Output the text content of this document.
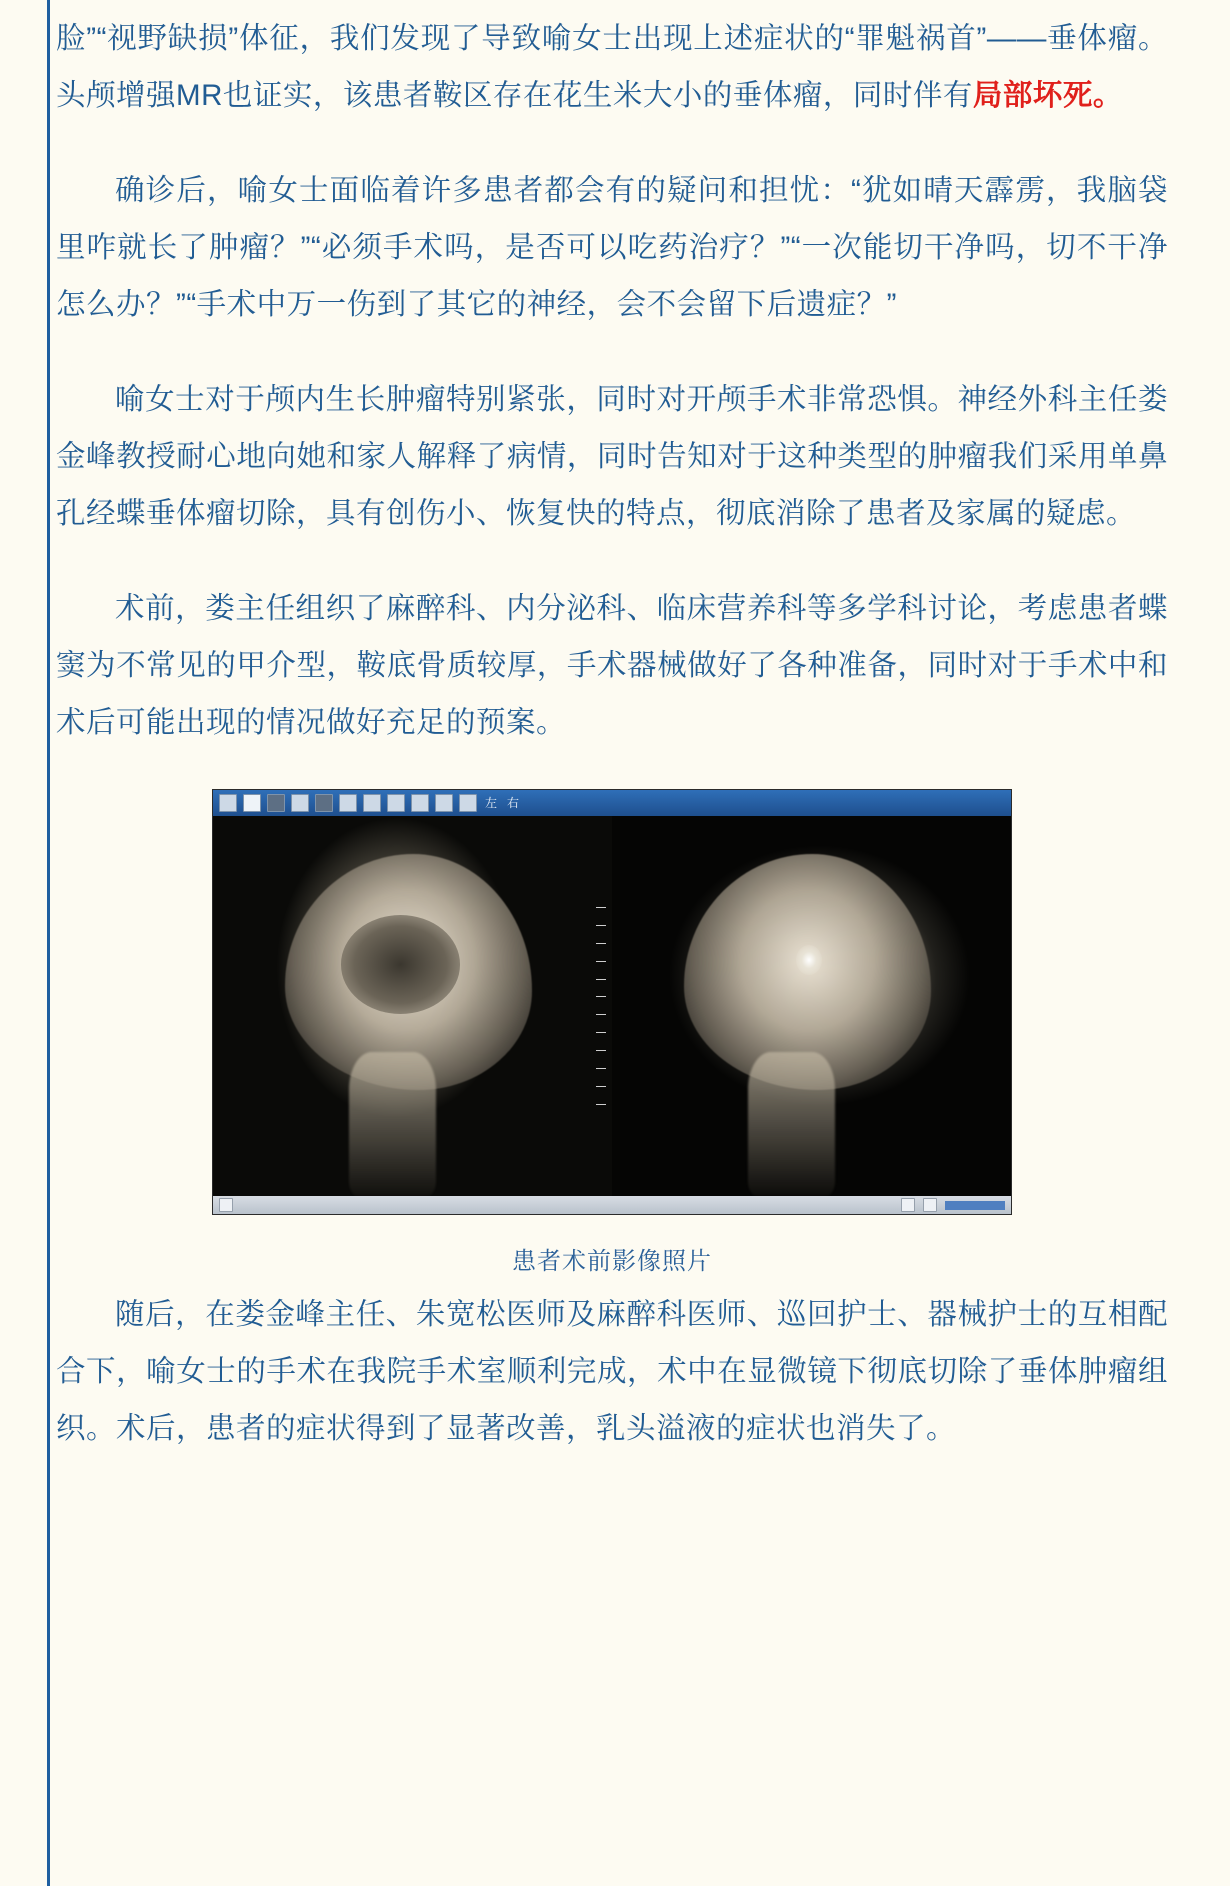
脸”“视野缺损”体征，我们发现了导致喻女士出现上述症状的“罪魁祸首”——垂体瘤。头颅增强MR也证实，该患者鞍区存在花生米大小的垂体瘤，同时伴有局部坏死。

确诊后，喻女士面临着许多患者都会有的疑问和担忧：“犹如晴天霹雳，我脑袋里咋就长了肿瘤？”“必须手术吗，是否可以吃药治疗？”“一次能切干净吗，切不干净怎么办？”“手术中万一伤到了其它的神经，会不会留下后遗症？”

喻女士对于颅内生长肿瘤特别紧张，同时对开颅手术非常恐惧。神经外科主任娄金峰教授耐心地向她和家人解释了病情，同时告知对于这种类型的肿瘤我们采用单鼻孔经蝶垂体瘤切除，具有创伤小、恢复快的特点，彻底消除了患者及家属的疑虑。

术前，娄主任组织了麻醉科、内分泌科、临床营养科等多学科讨论，考虑患者蝶窦为不常见的甲介型，鞍底骨质较厚，手术器械做好了各种准备，同时对于手术中和术后可能出现的情况做好充足的预案。

左 右
患者术前影像照片

随后，在娄金峰主任、朱宽松医师及麻醉科医师、巡回护士、器械护士的互相配合下，喻女士的手术在我院手术室顺利完成，术中在显微镜下彻底切除了垂体肿瘤组织。术后，患者的症状得到了显著改善，乳头溢液的症状也消失了。
